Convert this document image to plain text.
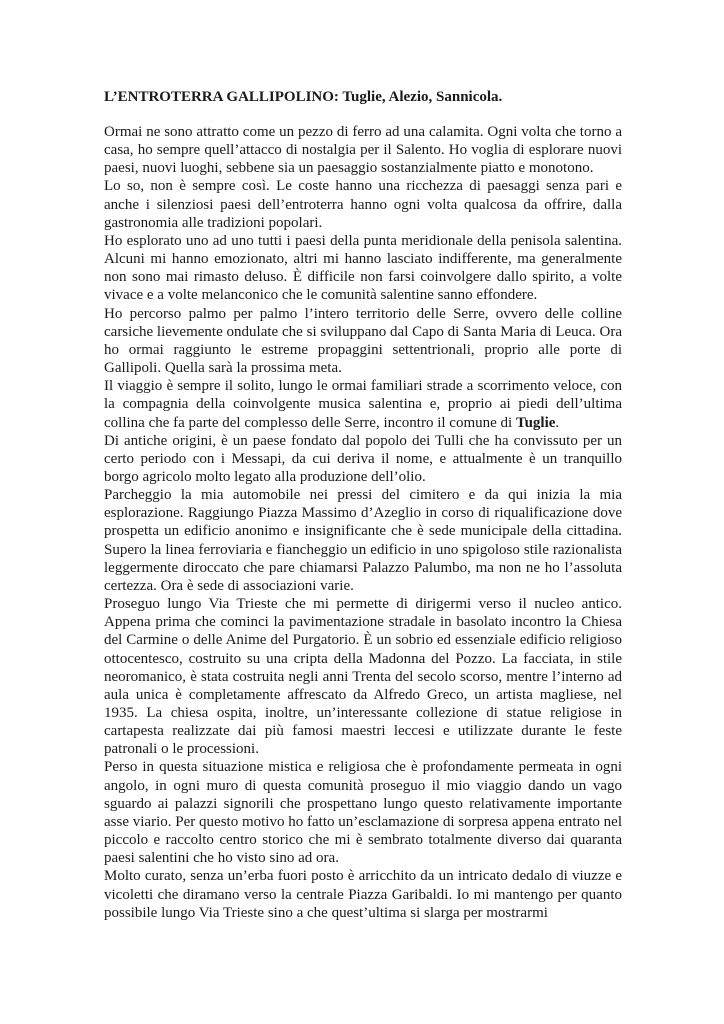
L’ENTROTERRA GALLIPOLINO: Tuglie, Alezio, Sannicola.

Ormai ne sono attratto come un pezzo di ferro ad una calamita. Ogni volta che torno a casa, ho sempre quell’attacco di nostalgia per il Salento. Ho voglia di esplorare nuovi paesi, nuovi luoghi, sebbene sia un paesaggio sostanzialmente piatto e monotono.

Lo so, non è sempre così. Le coste hanno una ricchezza di paesaggi senza pari e anche i silenziosi paesi dell’entroterra hanno ogni volta qualcosa da offrire, dalla gastronomia alle tradizioni popolari.

Ho esplorato uno ad uno tutti i paesi della punta meridionale della penisola salentina. Alcuni mi hanno emozionato, altri mi hanno lasciato indifferente, ma generalmente non sono mai rimasto deluso. È difficile non farsi coinvolgere dallo spirito, a volte vivace e a volte melanconico che le comunità salentine sanno effondere.

Ho percorso palmo per palmo l’intero territorio delle Serre, ovvero delle colline carsiche lievemente ondulate che si sviluppano dal Capo di Santa Maria di Leuca. Ora ho ormai raggiunto le estreme propaggini settentrionali, proprio alle porte di Gallipoli. Quella sarà la prossima meta.

Il viaggio è sempre il solito, lungo le ormai familiari strade a scorrimento veloce, con la compagnia della coinvolgente musica salentina e, proprio ai piedi dell’ultima collina che fa parte del complesso delle Serre, incontro il comune di Tuglie.

Di antiche origini, è un paese fondato dal popolo dei Tulli che ha convissuto per un certo periodo con i Messapi, da cui deriva il nome, e attualmente è un tranquillo borgo agricolo molto legato alla produzione dell’olio.

Parcheggio la mia automobile nei pressi del cimitero e da qui inizia la mia esplorazione. Raggiungo Piazza Massimo d’Azeglio in corso di riqualificazione dove prospetta un edificio anonimo e insignificante che è sede municipale della cittadina. Supero la linea ferroviaria e fiancheggio un edificio in uno spigoloso stile razionalista leggermente diroccato che pare chiamarsi Palazzo Palumbo, ma non ne ho l’assoluta certezza. Ora è sede di associazioni varie.

Proseguo lungo Via Trieste che mi permette di dirigermi verso il nucleo antico. Appena prima che cominci la pavimentazione stradale in basolato incontro la Chiesa del Carmine o delle Anime del Purgatorio. È un sobrio ed essenziale edificio religioso ottocentesco, costruito su una cripta della Madonna del Pozzo. La facciata, in stile neoromanico, è stata costruita negli anni Trenta del secolo scorso, mentre l’interno ad aula unica è completamente affrescato da Alfredo Greco, un artista magliese, nel 1935. La chiesa ospita, inoltre, un’interessante collezione di statue religiose in cartapesta realizzate dai più famosi maestri leccesi e utilizzate durante le feste patronali o le processioni.

Perso in questa situazione mistica e religiosa che è profondamente permeata in ogni angolo, in ogni muro di questa comunità proseguo il mio viaggio dando un vago sguardo ai palazzi signorili che prospettano lungo questo relativamente importante asse viario. Per questo motivo ho fatto un’esclamazione di sorpresa appena entrato nel piccolo e raccolto centro storico che mi è sembrato totalmente diverso dai quaranta paesi salentini che ho visto sino ad ora.

Molto curato, senza un’erba fuori posto è arricchito da un intricato dedalo di viuzze e vicoletti che diramano verso la centrale Piazza Garibaldi. Io mi mantengo per quanto possibile lungo Via Trieste sino a che quest’ultima si slarga per mostrarmi
